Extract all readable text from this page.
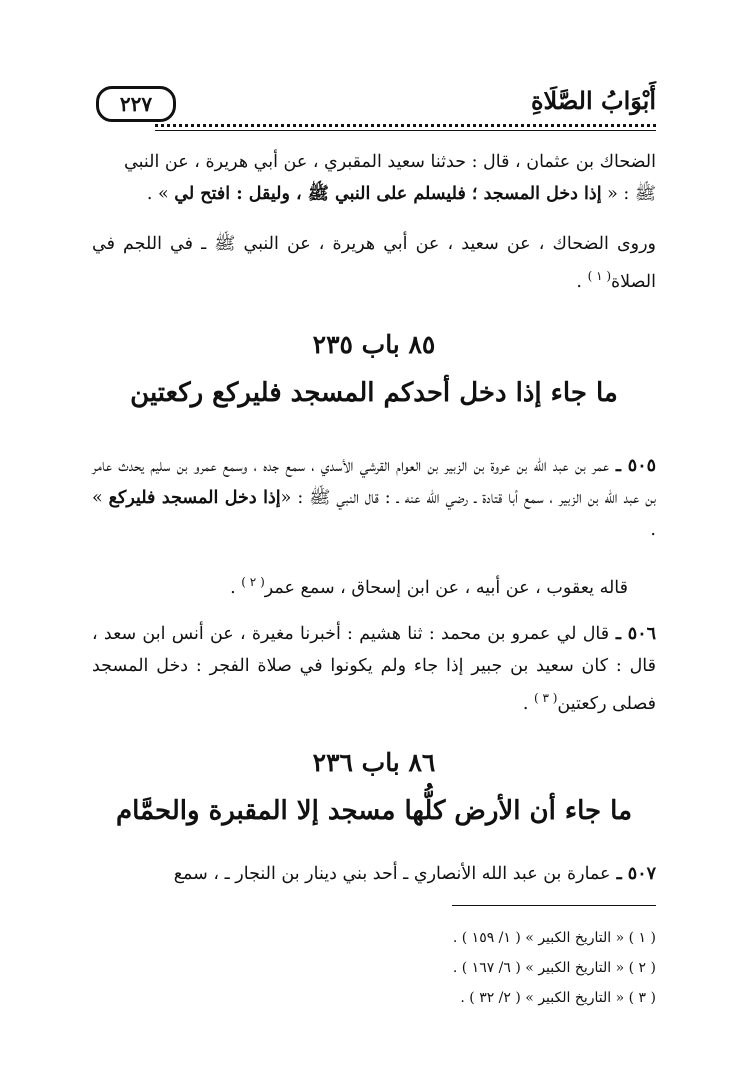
٢٢٧	أَبْوَابُ الصَّلَاةِ

الضحاك بن عثمان ، قال : حدثنا سعيد المقبري ، عن أبي هريرة ، عن النبي
ﷺ : « إذا دخل المسجد ؛ فليسلم على النبي ﷺ ، وليقل : افتح لي » .

وروى الضحاك ، عن سعيد ، عن أبي هريرة ، عن النبي ﷺ ـ في اللجم في الصلاة$^{( ١ )}$ .

٨٥ باب ٢٣٥
ما جاء إذا دخل أحدكم المسجد فليركع ركعتين

٥٠٥ ـ عمر بن عبد الله بن عروة بن الزبير بن العوام القرشي الأسدي ، سمع جده ، وسمع عمرو بن سليم يحدث عامر بن عبد الله بن الزبير ، سمع أبا قتادة ـ رضي الله عنه ـ : قال النبي ﷺ : «إذا دخل المسجد فليركع » .

قاله يعقوب ، عن أبيه ، عن ابن إسحاق ، سمع عمر$^{( ٢ )}$ .

٥٠٦ ـ قال لي عمرو بن محمد : ثنا هشيم : أخبرنا مغيرة ، عن أنس ابن سعد ، قال : كان سعيد بن جبير إذا جاء ولم يكونوا في صلاة الفجر : دخل المسجد فصلى ركعتين$^{( ٣ )}$ .

٨٦ باب ٢٣٦
ما جاء أن الأرض كلُّها مسجد إلا المقبرة والحمَّام

٥٠٧ ـ عمارة بن عبد الله الأنصاري ـ أحد بني دينار بن النجار ـ ، سمع

( ١ ) « التاريخ الكبير » ( ١/ ١٥٩ ) .

( ٢ ) « التاريخ الكبير » ( ٦/ ١٦٧ ) .

( ٣ ) « التاريخ الكبير » ( ٢/ ٣٢ ) .
